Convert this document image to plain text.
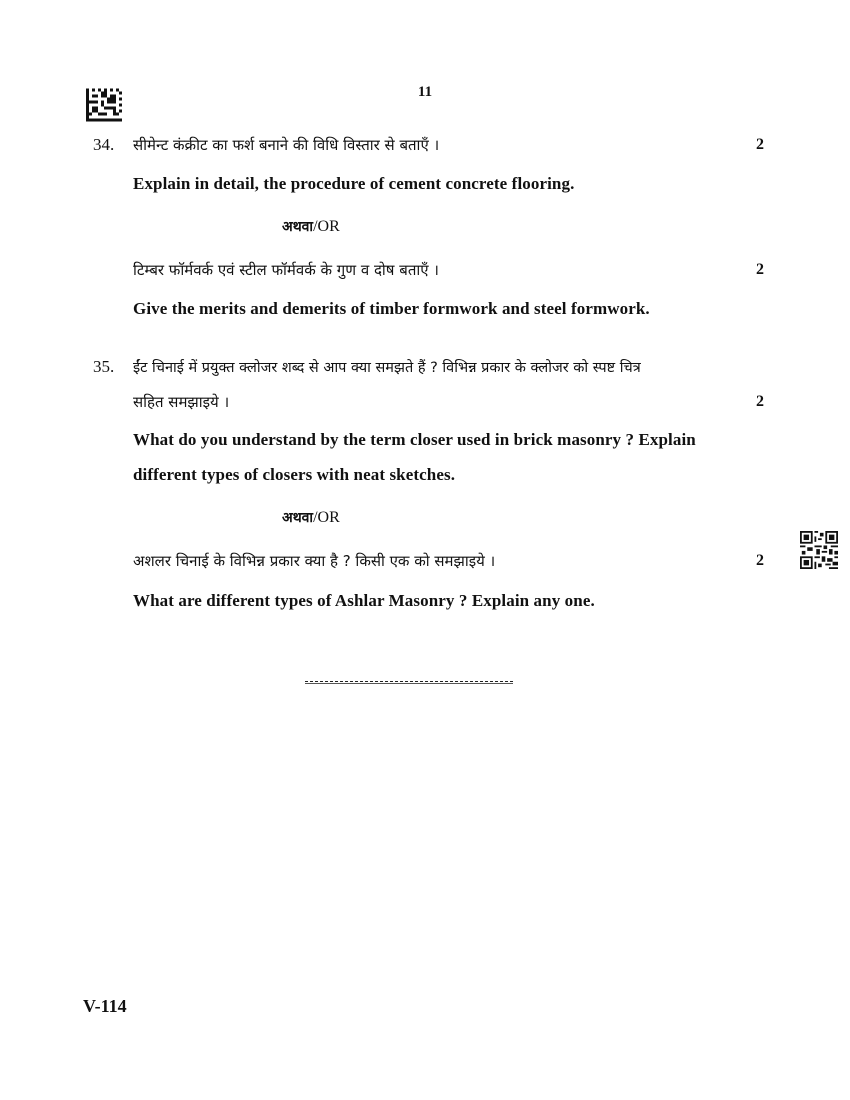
11
34. सीमेन्ट कंक्रीट का फर्श बनाने की विधि विस्तार से बताएँ ।	2
Explain in detail, the procedure of cement concrete flooring.
अथवा/OR
टिम्बर फॉर्मवर्क एवं स्टील फॉर्मवर्क के गुण व दोष बताएँ ।	2
Give the merits and demerits of timber formwork and steel formwork.
35. ईंट चिनाई में प्रयुक्त क्लोजर शब्द से आप क्या समझते हैं ? विभिन्न प्रकार के क्लोजर को स्पष्ट चित्र
सहित समझाइये ।	2
What do you understand by the term closer used in brick masonry ? Explain
different types of closers with neat sketches.
अथवा/OR
अशलर चिनाई के विभिन्न प्रकार क्या है ? किसी एक को समझाइये ।	2
What are different types of Ashlar Masonry ? Explain any one.
V-114
